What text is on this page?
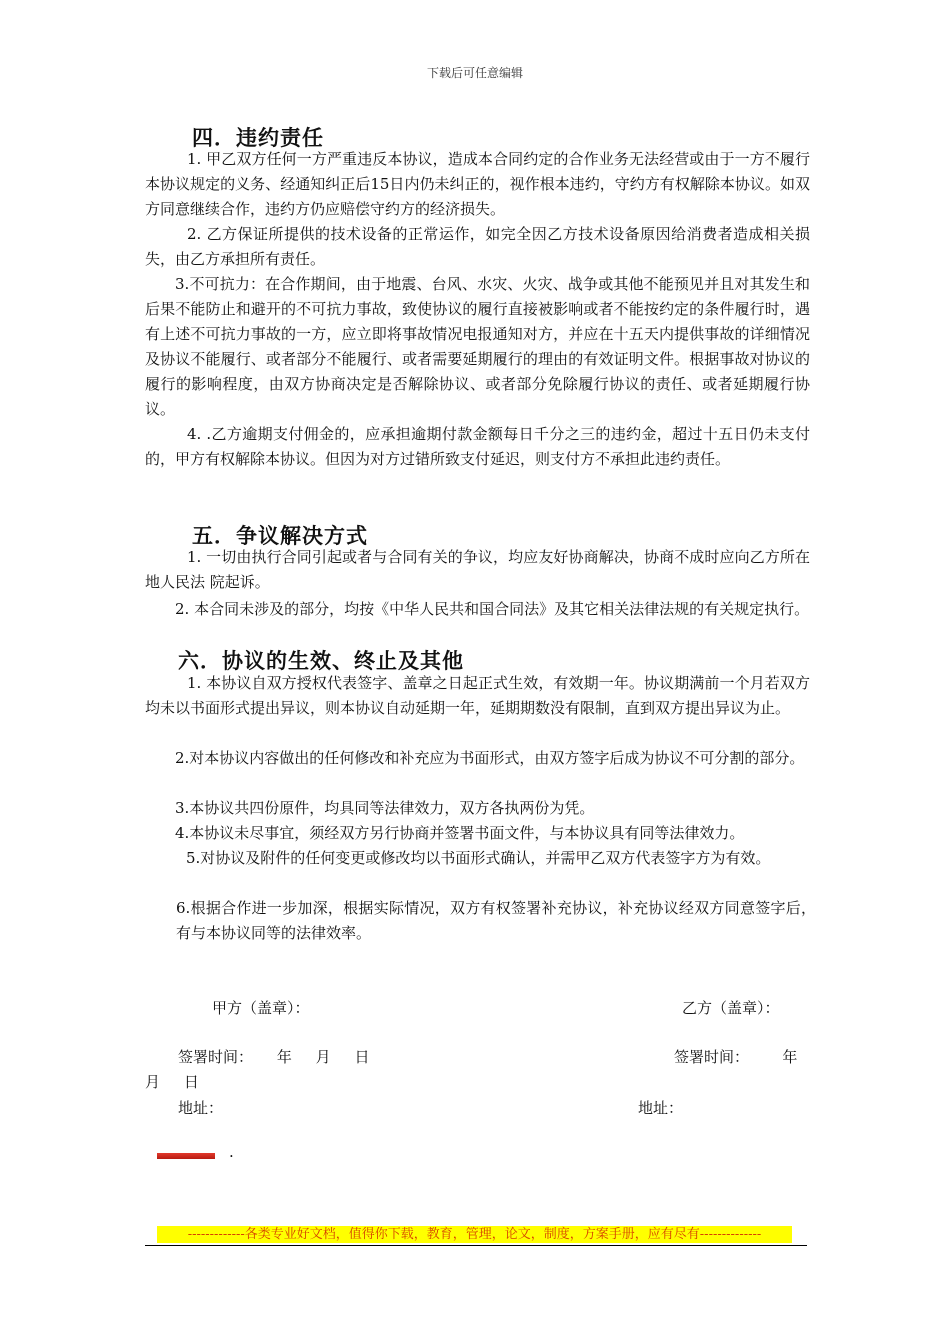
下载后可任意编辑
四．违约责任

1. 甲乙双方任何一方严重违反本协议，造成本合同约定的合作业务无法经营或由于一方不履行本协议规定的义务、经通知纠正后15日内仍未纠正的，视作根本违约，守约方有权解除本协议。如双方同意继续合作，违约方仍应赔偿守约方的经济损失。

2. 乙方保证所提供的技术设备的正常运作，如完全因乙方技术设备原因给消费者造成相关损失，由乙方承担所有责任。

3.不可抗力：在合作期间，由于地震、台风、水灾、火灾、战争或其他不能预见并且对其发生和后果不能防止和避开的不可抗力事故，致使协议的履行直接被影响或者不能按约定的条件履行时，遇有上述不可抗力事故的一方，应立即将事故情况电报通知对方，并应在十五天内提供事故的详细情况及协议不能履行、或者部分不能履行、或者需要延期履行的理由的有效证明文件。根据事故对协议的履行的影响程度，由双方协商决定是否解除协议、或者部分免除履行协议的责任、或者延期履行协议。

4. .乙方逾期支付佣金的，应承担逾期付款金额每日千分之三的违约金，超过十五日仍未支付的，甲方有权解除本协议。但因为对方过错所致支付延迟，则支付方不承担此违约责任。

五．争议解决方式

1. 一切由执行合同引起或者与合同有关的争议，均应友好协商解决，协商不成时应向乙方所在地人民法 院起诉。

2. 本合同未涉及的部分，均按《中华人民共和国合同法》及其它相关法律法规的有关规定执行。

六．协议的生效、终止及其他

1. 本协议自双方授权代表签字、盖章之日起正式生效，有效期一年。协议期满前一个月若双方均未以书面形式提出异议，则本协议自动延期一年，延期期数没有限制，直到双方提出异议为止。

2.对本协议内容做出的任何修改和补充应为书面形式，由双方签字后成为协议不可分割的部分。

3.本协议共四份原件，均具同等法律效力，双方各执两份为凭。

4.本协议未尽事宜，须经双方另行协商并签署书面文件，与本协议具有同等法律效力。

5.对协议及附件的任何变更或修改均以书面形式确认，并需甲乙双方代表签字方为有效。

6.根据合作进一步加深，根据实际情况，双方有权签署补充协议，补充协议经双方同意签字后，有与本协议同等的法律效率。

甲方（盖章）：	乙方（盖章）：
签署时间：     年     月     日	签署时间：       年
月     日
地址：	地址：
.
-------------各类专业好文档，值得你下载，教育，管理，论文，制度，方案手册，应有尽有--------------
